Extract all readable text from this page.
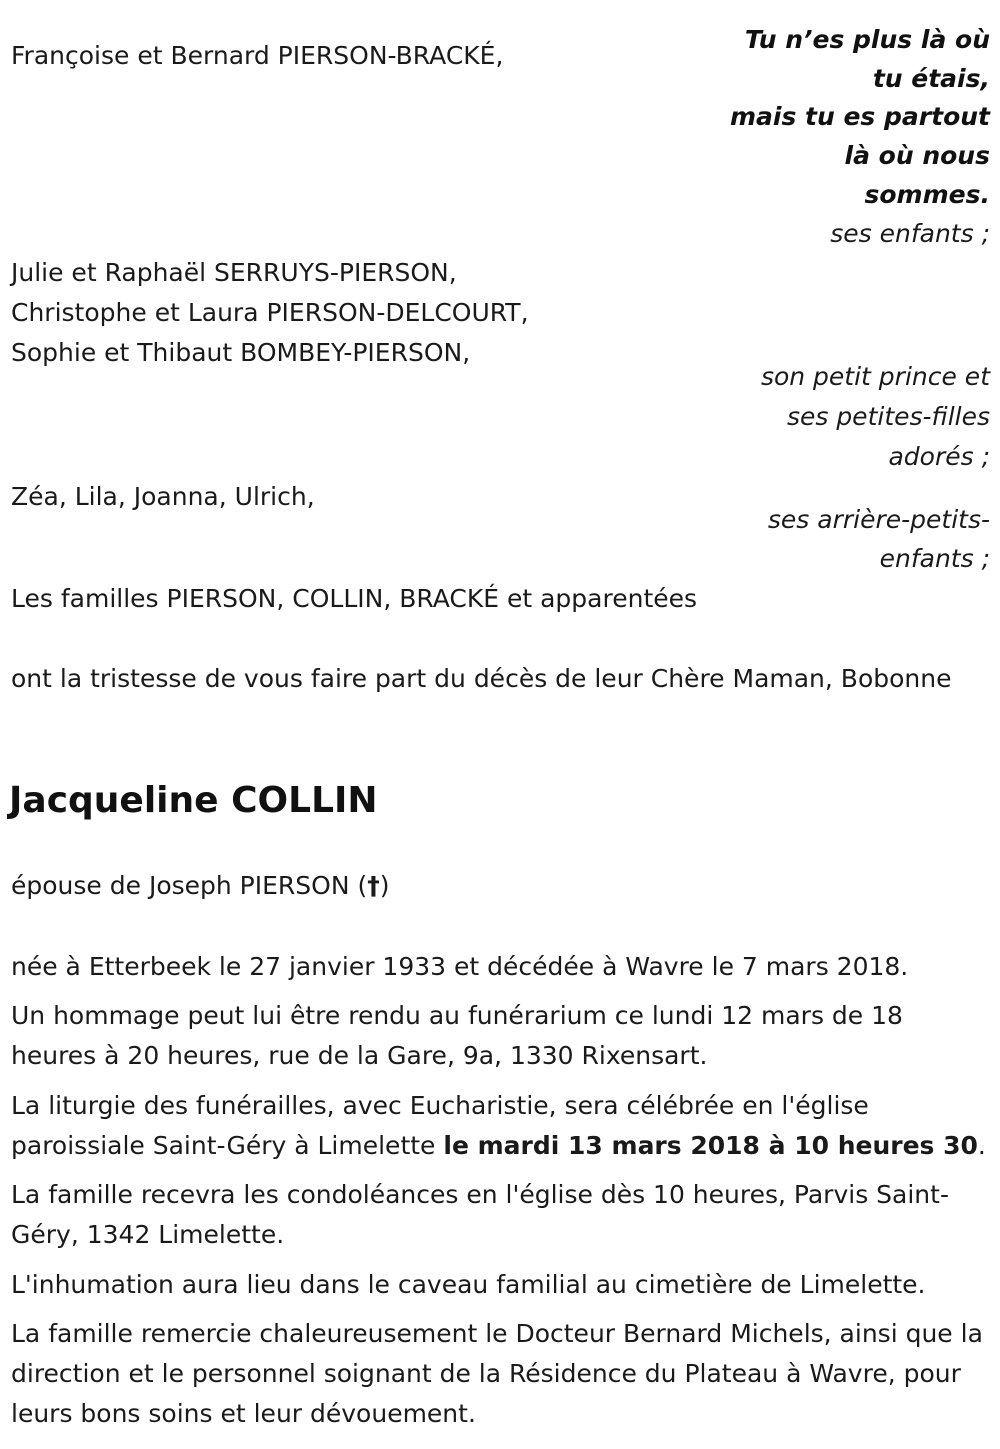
Tu n’es plus là où

tu étais,

mais tu es partout

là où nous

sommes.

Françoise et Bernard PIERSON-BRACKÉ,

ses enfants ;

Julie et Raphaël SERRUYS-PIERSON,

Christophe et Laura PIERSON-DELCOURT,

Sophie et Thibaut BOMBEY-PIERSON,

son petit prince et

ses petites-filles

adorés ;

Zéa, Lila, Joanna, Ulrich,

ses arrière-petits-

enfants ;

Les familles PIERSON, COLLIN, BRACKÉ et apparentées

ont la tristesse de vous faire part du décès de leur Chère Maman, Bobonne

Jacqueline COLLIN

épouse de Joseph PIERSON (†)

née à Etterbeek le 27 janvier 1933 et décédée à Wavre le 7 mars 2018.

Un hommage peut lui être rendu au funérarium ce lundi 12 mars de 18 heures à 20 heures, rue de la Gare, 9a, 1330 Rixensart.

La liturgie des funérailles, avec Eucharistie, sera célébrée en l'église paroissiale Saint-Géry à Limelette le mardi 13 mars 2018 à 10 heures 30.

La famille recevra les condoléances en l'église dès 10 heures, Parvis Saint-Géry, 1342 Limelette.

L'inhumation aura lieu dans le caveau familial au cimetière de Limelette.

La famille remercie chaleureusement le Docteur Bernard Michels, ainsi que la direction et le personnel soignant de la Résidence du Plateau à Wavre, pour leurs bons soins et leur dévouement.
